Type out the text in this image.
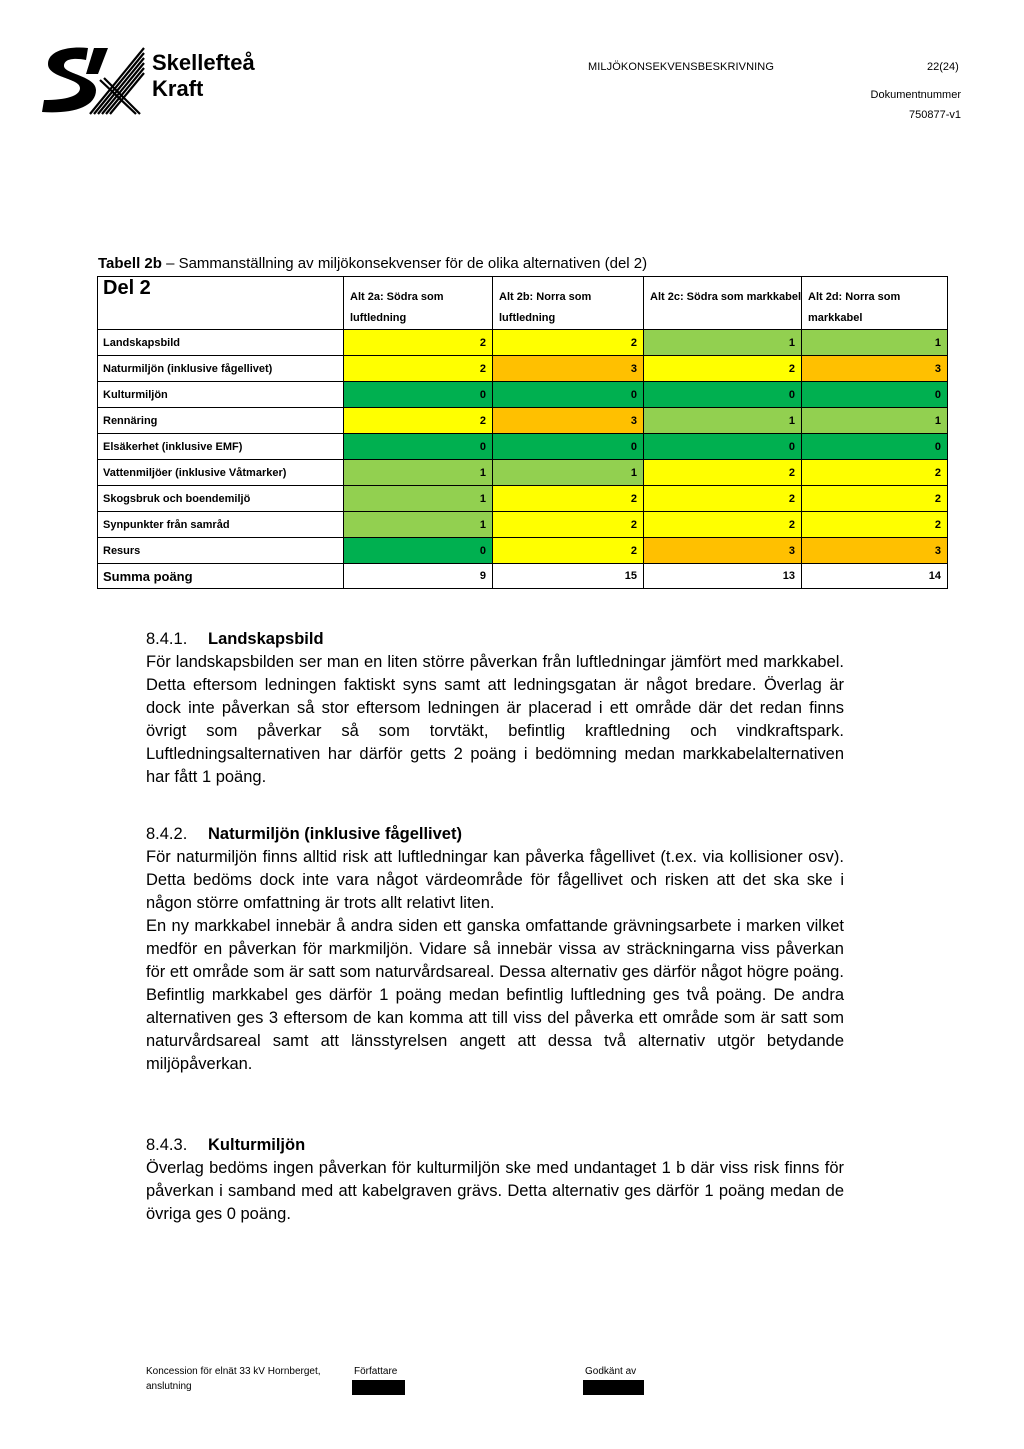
Skellefteå
Kraft
MILJÖKONSEKVENSBESKRIVNING	22(24)
Dokumentnummer
750877-v1
Tabell 2b – Sammanställning av miljökonsekvenser för de olika alternativen (del 2)
Del 2	Alt 2a: Södra som luftledning	Alt 2b: Norra som luftledning	Alt 2c: Södra som markkabel	Alt 2d: Norra som markkabel
Landskapsbild	2	2	1	1
Naturmiljön (inklusive fågellivet)	2	3	2	3
Kulturmiljön	0	0	0	0
Rennäring	2	3	1	1
Elsäkerhet (inklusive EMF)	0	0	0	0
Vattenmiljöer (inklusive Våtmarker)	1	1	2	2
Skogsbruk och boendemiljö	1	2	2	2
Synpunkter från samråd	1	2	2	2
Resurs	0	2	3	3
Summa poäng	9	15	13	14
8.4.1. Landskapsbild

För landskapsbilden ser man en liten större påverkan från luftledningar jämfört med markkabel. Detta eftersom ledningen faktiskt syns samt att ledningsgatan är något bredare. Överlag är dock inte påverkan så stor eftersom ledningen är placerad i ett område där det redan finns övrigt som påverkar så som torvtäkt, befintlig kraftledning och vindkraftspark. Luftledningsalternativen har därför getts 2 poäng i bedömning medan markkabelalternativen har fått 1 poäng.

8.4.2. Naturmiljön (inklusive fågellivet)

För naturmiljön finns alltid risk att luftledningar kan påverka fågellivet (t.ex. via kollisioner osv). Detta bedöms dock inte vara något värdeområde för fågellivet och risken att det ska ske i någon större omfattning är trots allt relativt liten.

En ny markkabel innebär å andra siden ett ganska omfattande grävningsarbete i marken vilket medför en påverkan för markmiljön. Vidare så innebär vissa av sträckningarna viss påverkan för ett område som är satt som naturvårdsareal. Dessa alternativ ges därför något högre poäng.

Befintlig markkabel ges därför 1 poäng medan befintlig luftledning ges två poäng. De andra alternativen ges 3 eftersom de kan komma att till viss del påverka ett område som är satt som naturvårdsareal samt att länsstyrelsen angett att dessa två alternativ utgör betydande miljöpåverkan.

8.4.3. Kulturmiljön

Överlag bedöms ingen påverkan för kulturmiljön ske med undantaget 1 b där viss risk finns för påverkan i samband med att kabelgraven grävs. Detta alternativ ges därför 1 poäng medan de övriga ges 0 poäng.

Koncession för elnät 33 kV Hornberget,
anslutning
Författare	Godkänt av
